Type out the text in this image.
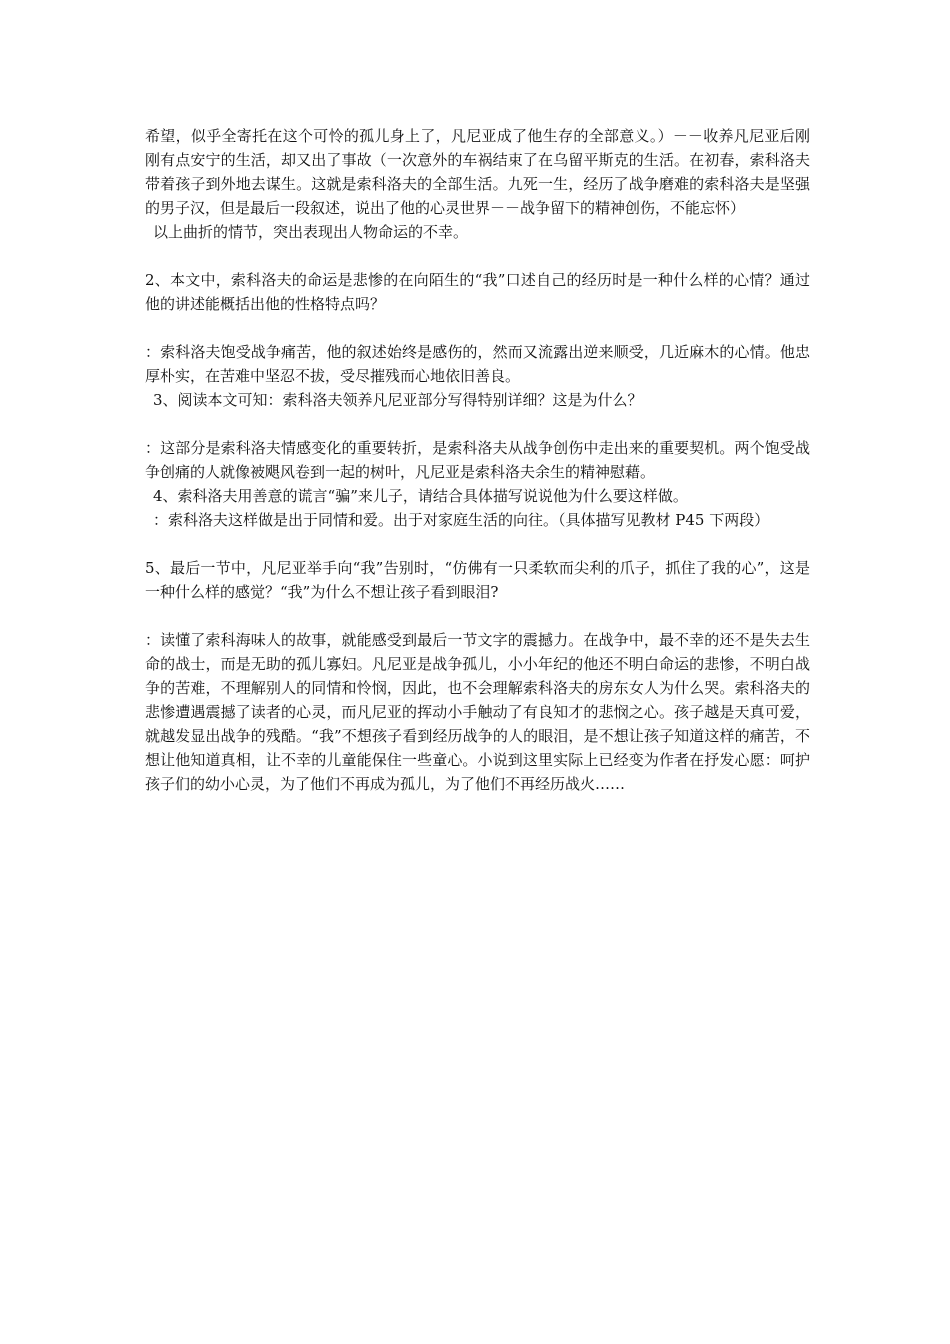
希望，似乎全寄托在这个可怜的孤儿身上了，凡尼亚成了他生存的全部意义。）－－收养凡尼亚后刚刚有点安宁的生活，却又出了事故（一次意外的车祸结束了在乌留平斯克的生活。在初春，索科洛夫带着孩子到外地去谋生。这就是索科洛夫的全部生活。九死一生，经历了战争磨难的索科洛夫是坚强的男子汉，但是最后一段叙述，说出了他的心灵世界－－战争留下的精神创伤，不能忘怀）

以上曲折的情节，突出表现出人物命运的不幸。

2、本文中，索科洛夫的命运是悲惨的在向陌生的“我”口述自己的经历时是一种什么样的心情？通过他的讲述能概括出他的性格特点吗？

：索科洛夫饱受战争痛苦，他的叙述始终是感伤的，然而又流露出逆来顺受，几近麻木的心情。他忠厚朴实，在苦难中坚忍不拔，受尽摧残而心地依旧善良。

3、阅读本文可知：索科洛夫领养凡尼亚部分写得特别详细？这是为什么？

：这部分是索科洛夫情感变化的重要转折，是索科洛夫从战争创伤中走出来的重要契机。两个饱受战争创痛的人就像被飓风卷到一起的树叶，凡尼亚是索科洛夫余生的精神慰藉。

4、索科洛夫用善意的谎言“骗”来儿子，请结合具体描写说说他为什么要这样做。

：索科洛夫这样做是出于同情和爱。出于对家庭生活的向往。（具体描写见教材 P45 下两段）

5、最后一节中，凡尼亚举手向“我”告别时，“仿佛有一只柔软而尖利的爪子，抓住了我的心”，这是一种什么样的感觉？“我”为什么不想让孩子看到眼泪?

：读懂了索科海味人的故事，就能感受到最后一节文字的震撼力。在战争中，最不幸的还不是失去生命的战士，而是无助的孤儿寡妇。凡尼亚是战争孤儿，小小年纪的他还不明白命运的悲惨，不明白战争的苦难，不理解别人的同情和怜悯，因此，也不会理解索科洛夫的房东女人为什么哭。索科洛夫的悲惨遭遇震撼了读者的心灵，而凡尼亚的挥动小手触动了有良知才的悲悯之心。孩子越是天真可爱，就越发显出战争的残酷。“我”不想孩子看到经历战争的人的眼泪，是不想让孩子知道这样的痛苦，不想让他知道真相，让不幸的儿童能保住一些童心。小说到这里实际上已经变为作者在抒发心愿：呵护孩子们的幼小心灵，为了他们不再成为孤儿，为了他们不再经历战火……
